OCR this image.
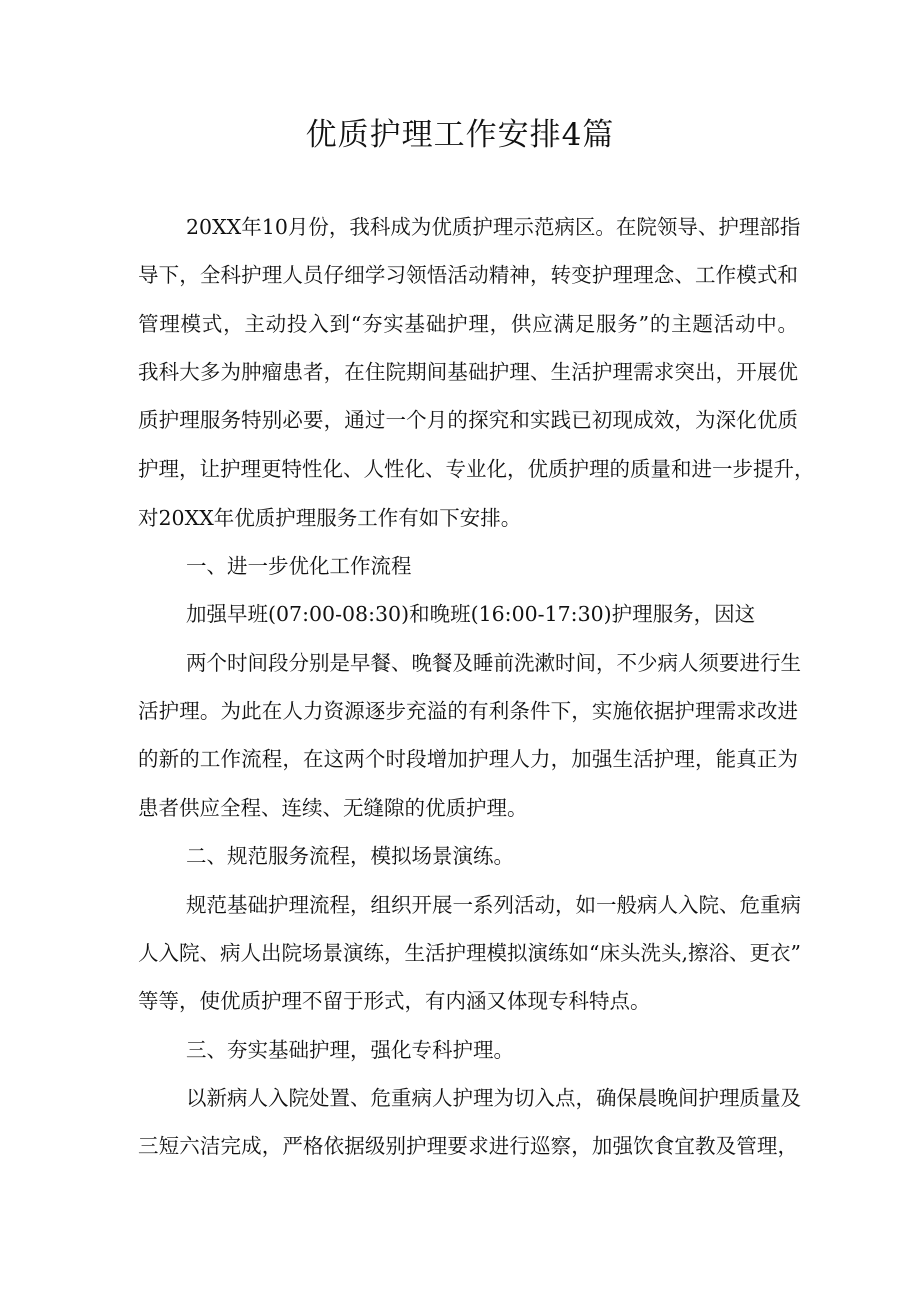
优质护理工作安排4篇

20XX年10月份，我科成为优质护理示范病区。在院领导、护理部指

导下，全科护理人员仔细学习领悟活动精神，转变护理理念、工作模式和

管理模式，主动投入到“夯实基础护理，供应满足服务”的主题活动中。

我科大多为肿瘤患者，在住院期间基础护理、生活护理需求突出，开展优

质护理服务特别必要，通过一个月的探究和实践已初现成效，为深化优质

护理，让护理更特性化、人性化、专业化，优质护理的质量和进一步提升，

对20XX年优质护理服务工作有如下安排。

一、进一步优化工作流程

加强早班(07:00-08:30)和晚班(16:00-17:30)护理服务，因这

两个时间段分别是早餐、晚餐及睡前洗漱时间，不少病人须要进行生

活护理。为此在人力资源逐步充溢的有利条件下，实施依据护理需求改进

的新的工作流程，在这两个时段增加护理人力，加强生活护理，能真正为

患者供应全程、连续、无缝隙的优质护理。

二、规范服务流程，模拟场景演练。

规范基础护理流程，组织开展一系列活动，如一般病人入院、危重病

人入院、病人出院场景演练，生活护理模拟演练如“床头洗头,擦浴、更衣”

等等，使优质护理不留于形式，有内涵又体现专科特点。

三、夯实基础护理，强化专科护理。

以新病人入院处置、危重病人护理为切入点，确保晨晚间护理质量及

三短六洁完成，严格依据级别护理要求进行巡察，加强饮食宜教及管理，
